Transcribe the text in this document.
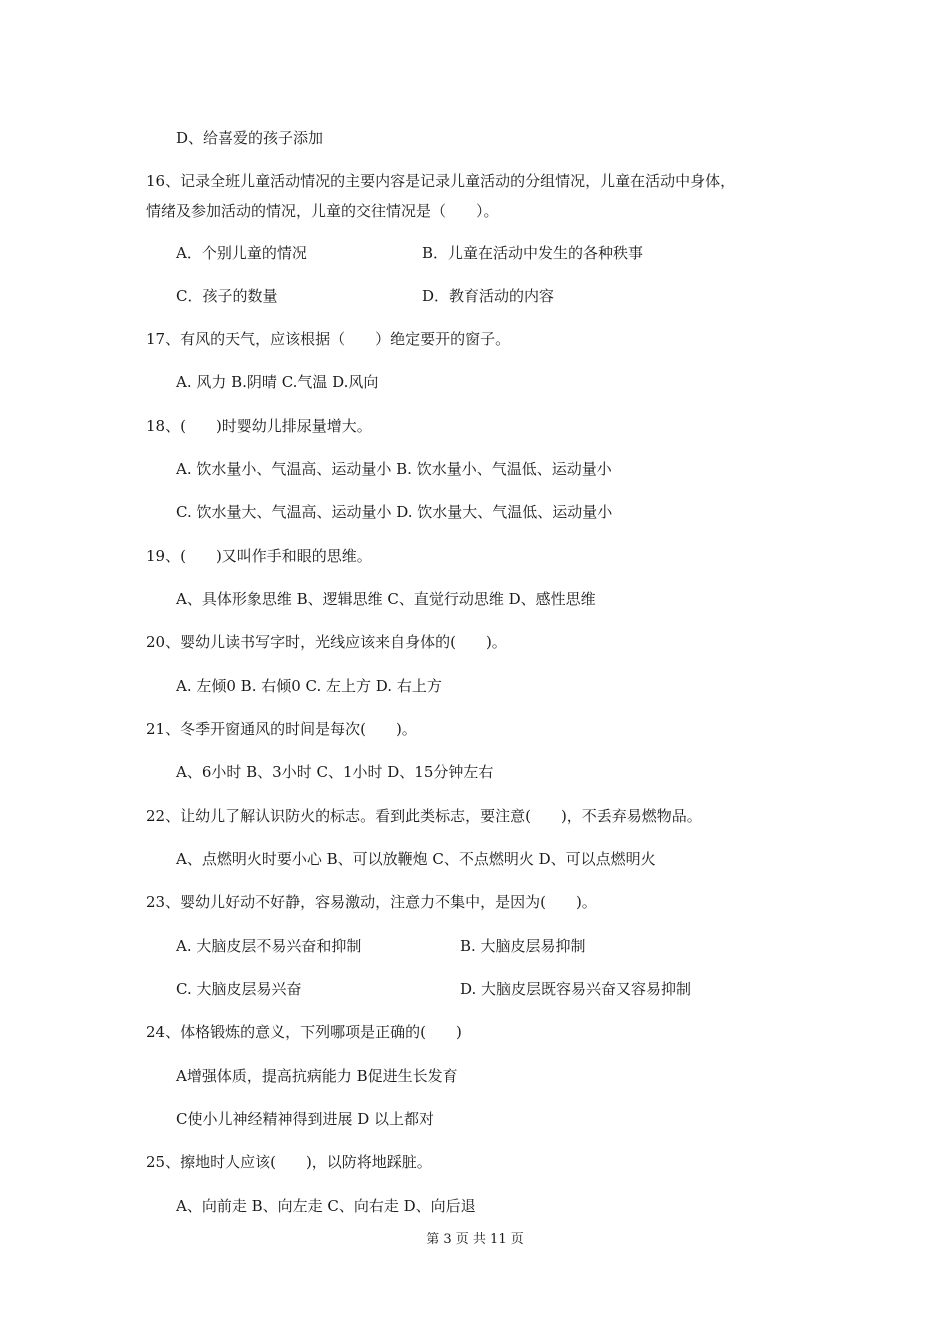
D、给喜爱的孩子添加
16、记录全班儿童活动情况的主要内容是记录儿童活动的分组情况，儿童在活动中身体，
情绪及参加活动的情况，儿童的交往情况是（　　）。
A．个别儿童的情况	B．儿童在活动中发生的各种秩事
C．孩子的数量	D．教育活动的内容
17、有风的天气，应该根据（　　）绝定要开的窗子。
A. 风力 B.阴晴 C.气温 D.风向
18、(　　)时婴幼儿排尿量增大。
A. 饮水量小、气温高、运动量小 B. 饮水量小、气温低、运动量小
C. 饮水量大、气温高、运动量小 D. 饮水量大、气温低、运动量小
19、(　　)又叫作手和眼的思维。
A、具体形象思维 B、逻辑思维 C、直觉行动思维 D、感性思维
20、婴幼儿读书写字时，光线应该来自身体的(　　)。
A. 左倾0 B. 右倾0 C. 左上方 D. 右上方
21、冬季开窗通风的时间是每次(　　)。
A、6小时 B、3小时 C、1小时 D、15分钟左右
22、让幼儿了解认识防火的标志。看到此类标志，要注意(　　)，不丢弃易燃物品。
A、点燃明火时要小心 B、可以放鞭炮 C、不点燃明火 D、可以点燃明火
23、婴幼儿好动不好静，容易激动，注意力不集中，是因为(　　)。
A. 大脑皮层不易兴奋和抑制	B. 大脑皮层易抑制
C. 大脑皮层易兴奋	D. 大脑皮层既容易兴奋又容易抑制
24、体格锻炼的意义，下列哪项是正确的(　　)
A增强体质，提高抗病能力 B促进生长发育
C使小儿神经精神得到进展 D 以上都对
25、擦地时人应该(　　)，以防将地踩脏。
A、向前走 B、向左走 C、向右走 D、向后退
第 3 页 共 11 页
